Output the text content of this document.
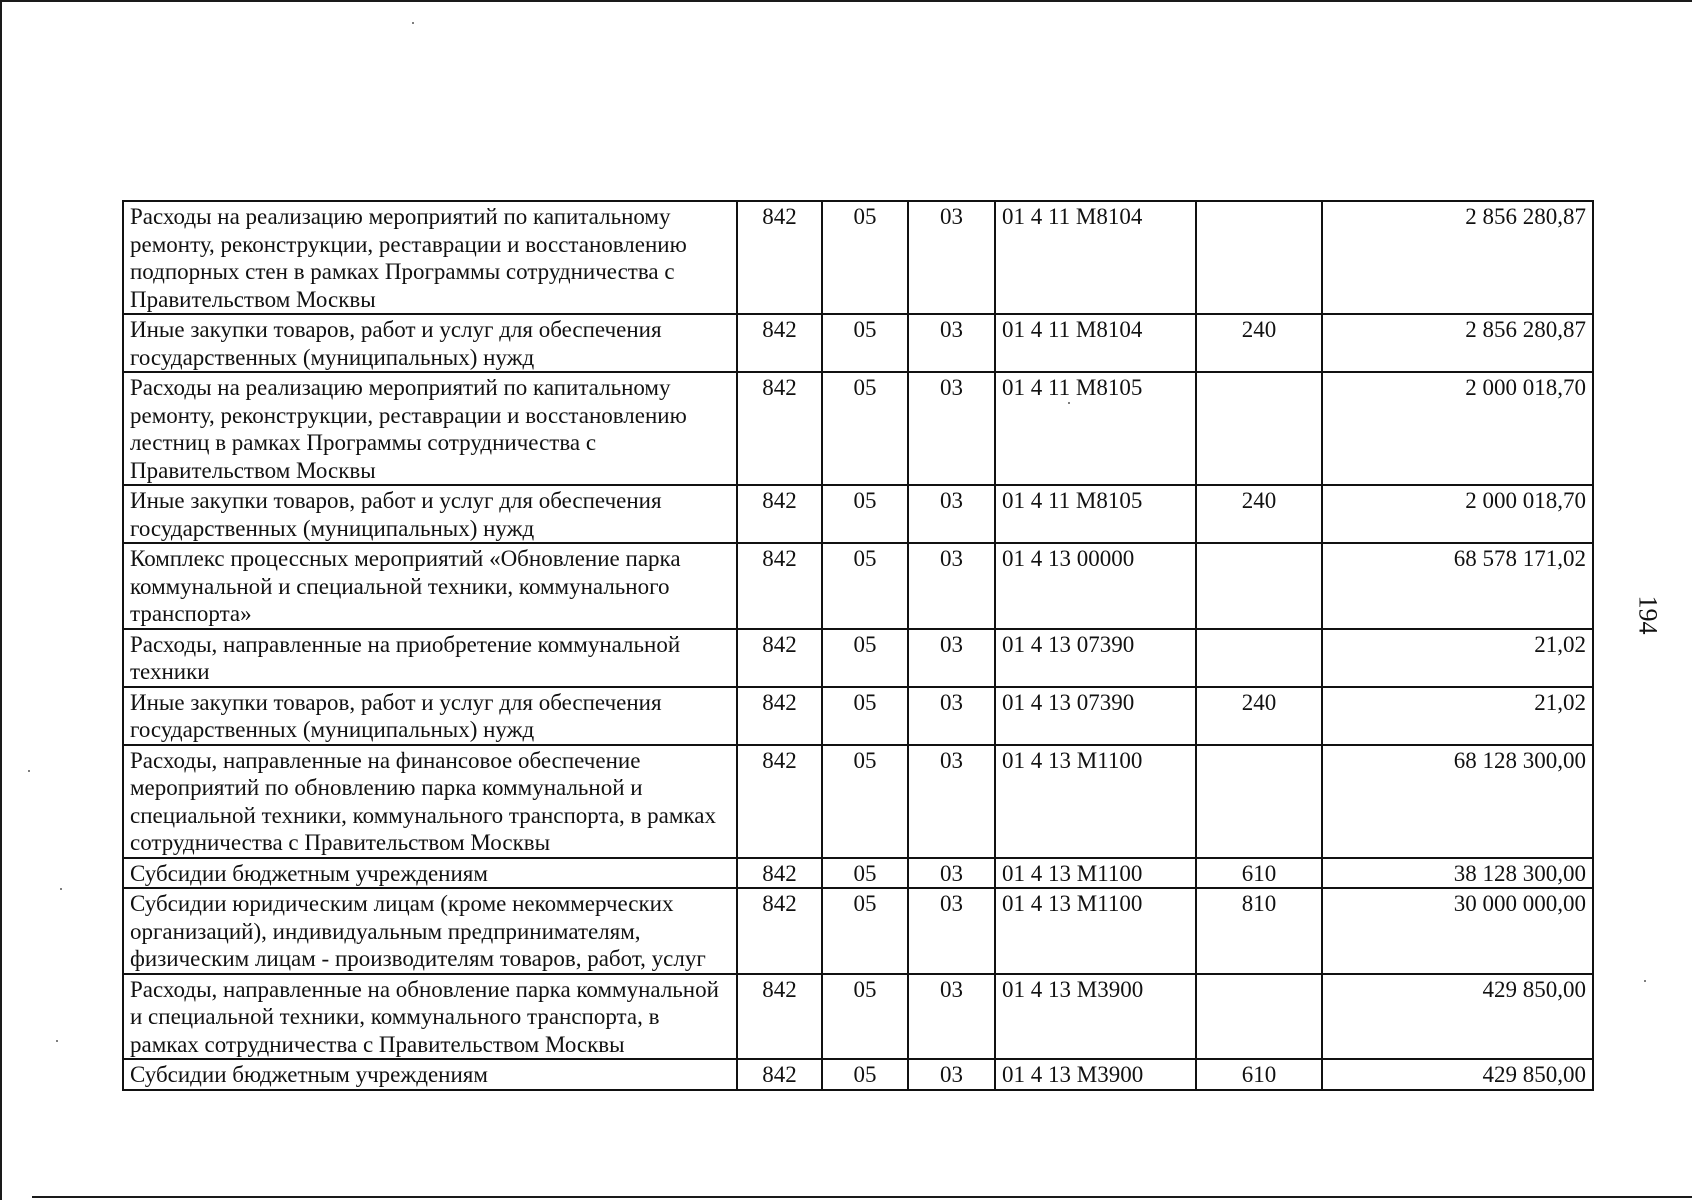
Расходы на реализацию мероприятий по капитальному ремонту, реконструкции, реставрации и восстановлению подпорных стен в рамках Программы сотрудничества с Правительством Москвы	842	05	03	01 4 11 M8104		2 856 280,87
Иные закупки товаров, работ и услуг для обеспечения государственных (муниципальных) нужд	842	05	03	01 4 11 M8104	240	2 856 280,87
Расходы на реализацию мероприятий по капитальному ремонту, реконструкции, реставрации и восстановлению лестниц в рамках Программы сотрудничества с Правительством Москвы	842	05	03	01 4 11 M8105		2 000 018,70
Иные закупки товаров, работ и услуг для обеспечения государственных (муниципальных) нужд	842	05	03	01 4 11 M8105	240	2 000 018,70
Комплекс процессных мероприятий «Обновление парка коммунальной и специальной техники, коммунального транспорта»	842	05	03	01 4 13 00000		68 578 171,02
Расходы, направленные на приобретение коммунальной техники	842	05	03	01 4 13 07390		21,02
Иные закупки товаров, работ и услуг для обеспечения государственных (муниципальных) нужд	842	05	03	01 4 13 07390	240	21,02
Расходы, направленные на финансовое обеспечение мероприятий по обновлению парка коммунальной и специальной техники, коммунального транспорта, в рамках сотрудничества с Правительством Москвы	842	05	03	01 4 13 M1100		68 128 300,00
Субсидии бюджетным учреждениям	842	05	03	01 4 13 M1100	610	38 128 300,00
Субсидии юридическим лицам (кроме некоммерческих организаций), индивидуальным предпринимателям, физическим лицам - производителям товаров, работ, услуг	842	05	03	01 4 13 M1100	810	30 000 000,00
Расходы, направленные на обновление парка коммунальной и специальной техники, коммунального транспорта, в рамках сотрудничества с Правительством Москвы	842	05	03	01 4 13 M3900		429 850,00
Субсидии бюджетным учреждениям	842	05	03	01 4 13 M3900	610	429 850,00
194
